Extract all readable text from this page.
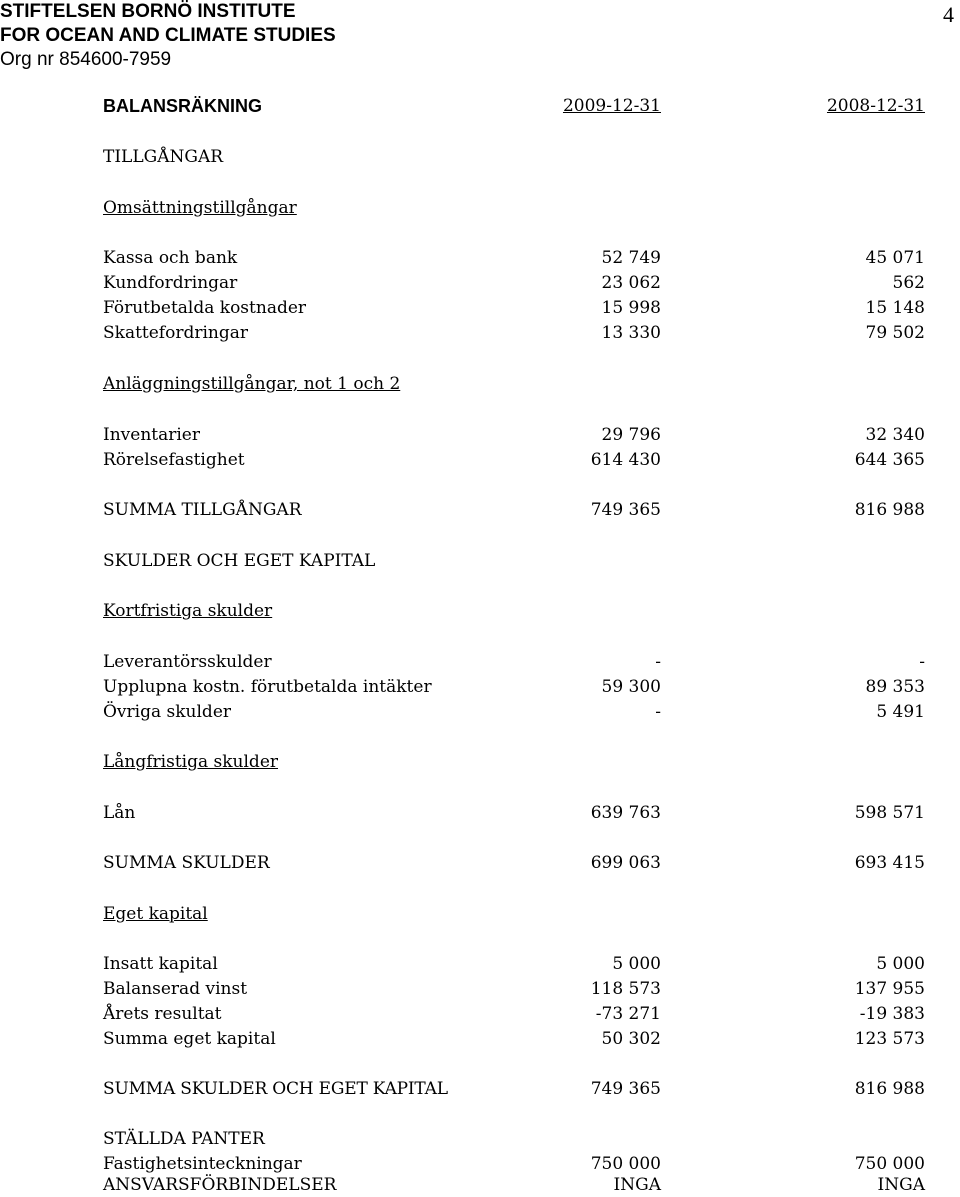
STIFTELSEN BORNÖ INSTITUTE
FOR OCEAN AND CLIMATE STUDIES
Org nr 854600-7959
4
BALANSRÄKNING	2009-12-31	2008-12-31
TILLGÅNGAR
Omsättningstillgångar
Kassa och bank	52 749	45 071
Kundfordringar	23 062	562
Förutbetalda kostnader	15 998	15 148
Skattefordringar	13 330	79 502
Anläggningstillgångar, not 1 och 2
Inventarier	29 796	32 340
Rörelsefastighet	614 430	644 365
SUMMA TILLGÅNGAR	749 365	816 988
SKULDER OCH EGET KAPITAL
Kortfristiga skulder
Leverantörsskulder	-	-
Upplupna kostn. förutbetalda intäkter	59 300	89 353
Övriga skulder	-	5 491
Långfristiga skulder
Lån	639 763	598 571
SUMMA SKULDER	699 063	693 415
Eget kapital
Insatt kapital	5 000	5 000
Balanserad vinst	118 573	137 955
Årets resultat	-73 271	-19 383
Summa eget kapital	50 302	123 573
SUMMA SKULDER OCH EGET KAPITAL	749 365	816 988
STÄLLDA PANTER
Fastighetsinteckningar	750 000	750 000
ANSVARSFÖRBINDELSER	INGA	INGA
